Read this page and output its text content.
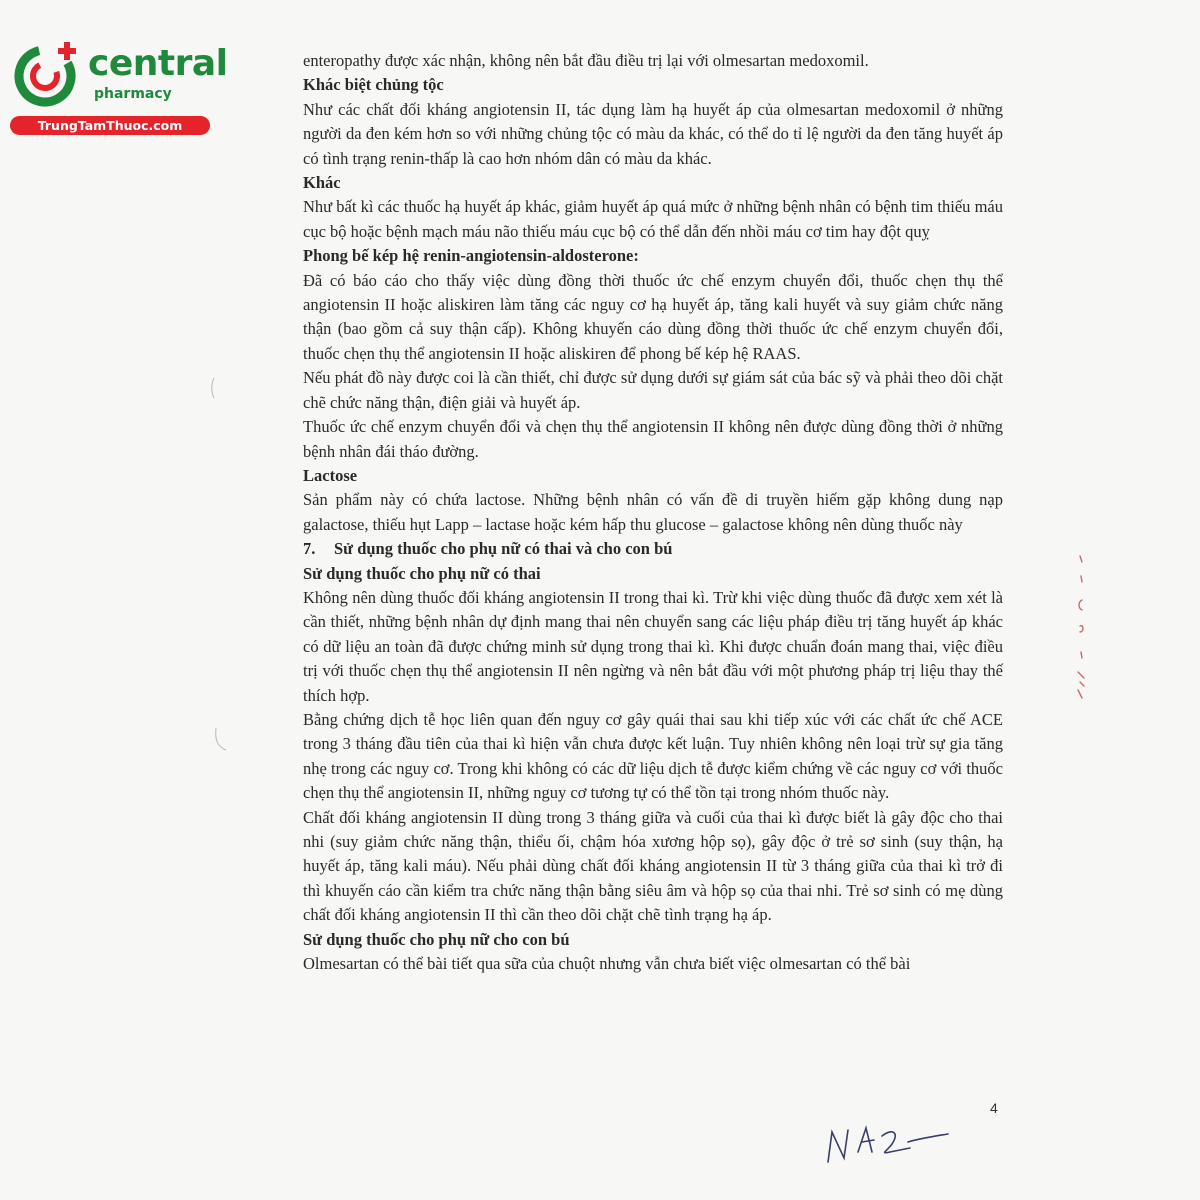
central
pharmacy
TrungTamThuoc.com

enteropathy được xác nhận, không nên bắt đầu điều trị lại với olmesartan medoxomil.

Khác biệt chủng tộc

Như các chất đối kháng angiotensin II, tác dụng làm hạ huyết áp của olmesartan medoxomil ở những người da đen kém hơn so với những chủng tộc có màu da khác, có thể do tỉ lệ người da đen tăng huyết áp có tình trạng renin-thấp là cao hơn nhóm dân có màu da khác.

Khác

Như bất kì các thuốc hạ huyết áp khác, giảm huyết áp quá mức ở những bệnh nhân có bệnh tim thiếu máu cục bộ hoặc bệnh mạch máu não thiếu máu cục bộ có thể dẫn đến nhồi máu cơ tim hay đột quỵ

Phong bế kép hệ renin-angiotensin-aldosterone:

Đã có báo cáo cho thấy việc dùng đồng thời thuốc ức chế enzym chuyển đổi, thuốc chẹn thụ thể angiotensin II hoặc aliskiren làm tăng các nguy cơ hạ huyết áp, tăng kali huyết và suy giảm chức năng thận (bao gồm cả suy thận cấp). Không khuyến cáo dùng đồng thời thuốc ức chế enzym chuyển đổi, thuốc chẹn thụ thể angiotensin II hoặc aliskiren để phong bế kép hệ RAAS.

Nếu phát đồ này được coi là cần thiết, chỉ được sử dụng dưới sự giám sát của bác sỹ và phải theo dõi chặt chẽ chức năng thận, điện giải và huyết áp.

Thuốc ức chế enzym chuyển đổi và chẹn thụ thể angiotensin II không nên được dùng đồng thời ở những bệnh nhân đái tháo đường.

Lactose

Sản phẩm này có chứa lactose. Những bệnh nhân có vấn đề di truyền hiếm gặp không dung nạp galactose, thiếu hụt Lapp – lactase hoặc kém hấp thu glucose – galactose không nên dùng thuốc này

7. Sử dụng thuốc cho phụ nữ có thai và cho con bú

Sử dụng thuốc cho phụ nữ có thai

Không nên dùng thuốc đối kháng angiotensin II trong thai kì. Trừ khi việc dùng thuốc đã được xem xét là cần thiết, những bệnh nhân dự định mang thai nên chuyển sang các liệu pháp điều trị tăng huyết áp khác có dữ liệu an toàn đã được chứng minh sử dụng trong thai kì. Khi được chuẩn đoán mang thai, việc điều trị với thuốc chẹn thụ thể angiotensin II nên ngừng và nên bắt đầu với một phương pháp trị liệu thay thế thích hợp.

Bằng chứng dịch tễ học liên quan đến nguy cơ gây quái thai sau khi tiếp xúc với các chất ức chế ACE trong 3 tháng đầu tiên của thai kì hiện vẫn chưa được kết luận. Tuy nhiên không nên loại trừ sự gia tăng nhẹ trong các nguy cơ. Trong khi không có các dữ liệu dịch tễ được kiểm chứng về các nguy cơ với thuốc chẹn thụ thể angiotensin II, những nguy cơ tương tự có thể tồn tại trong nhóm thuốc này.

Chất đối kháng angiotensin II dùng trong 3 tháng giữa và cuối của thai kì được biết là gây độc cho thai nhi (suy giảm chức năng thận, thiểu ối, chậm hóa xương hộp sọ), gây độc ở trẻ sơ sinh (suy thận, hạ huyết áp, tăng kali máu). Nếu phải dùng chất đối kháng angiotensin II từ 3 tháng giữa của thai kì trở đi thì khuyến cáo cần kiểm tra chức năng thận bằng siêu âm và hộp sọ của thai nhi. Trẻ sơ sinh có mẹ dùng chất đối kháng angiotensin II thì cần theo dõi chặt chẽ tình trạng hạ áp.

Sử dụng thuốc cho phụ nữ cho con bú

Olmesartan có thể bài tiết qua sữa của chuột nhưng vẫn chưa biết việc olmesartan có thể bài

4
